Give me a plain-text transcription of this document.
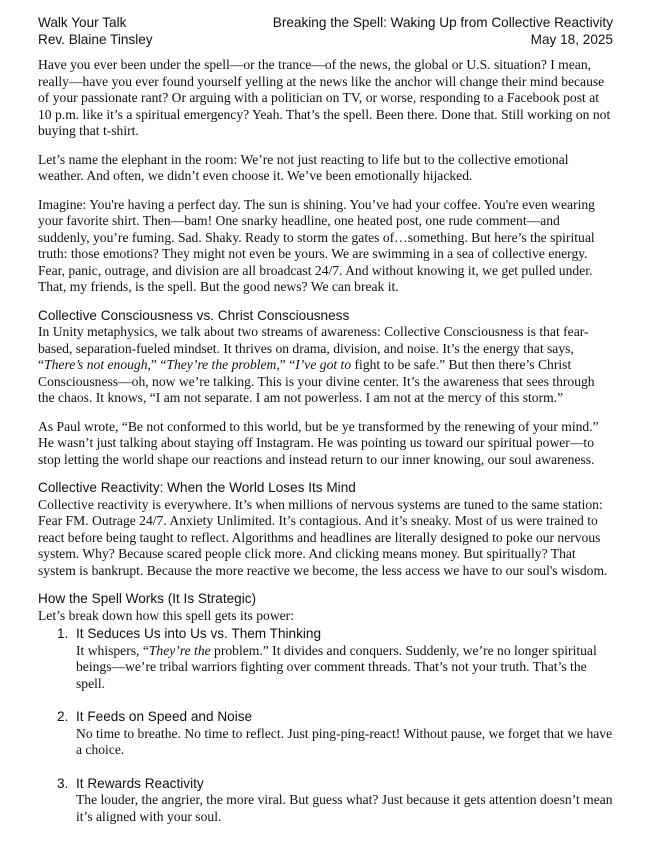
Walk Your Talk
Rev. Blaine Tinsley
Breaking the Spell: Waking Up from Collective Reactivity
May 18, 2025

Have you ever been under the spell—or the trance—of the news, the global or U.S. situation? I mean, really—have you ever found yourself yelling at the news like the anchor will change their mind because of your passionate rant? Or arguing with a politician on TV, or worse, responding to a Facebook post at 10 p.m. like it’s a spiritual emergency? Yeah. That’s the spell. Been there. Done that. Still working on not buying that t-shirt.

Let’s name the elephant in the room: We’re not just reacting to life but to the collective emotional weather. And often, we didn’t even choose it. We’ve been emotionally hijacked.

Imagine: You're having a perfect day. The sun is shining. You’ve had your coffee. You're even wearing your favorite shirt. Then—bam! One snarky headline, one heated post, one rude comment—and suddenly, you’re fuming. Sad. Shaky. Ready to storm the gates of…something. But here’s the spiritual truth: those emotions? They might not even be yours. We are swimming in a sea of collective energy. Fear, panic, outrage, and division are all broadcast 24/7. And without knowing it, we get pulled under. That, my friends, is the spell. But the good news? We can break it.

Collective Consciousness vs. Christ Consciousness

In Unity metaphysics, we talk about two streams of awareness: Collective Consciousness is that fear-based, separation-fueled mindset. It thrives on drama, division, and noise. It’s the energy that says, “There’s not enough,” “They’re the problem,” “I’ve got to fight to be safe.” But then there’s Christ Consciousness—oh, now we’re talking. This is your divine center. It’s the awareness that sees through the chaos. It knows, “I am not separate. I am not powerless. I am not at the mercy of this storm.”

As Paul wrote, “Be not conformed to this world, but be ye transformed by the renewing of your mind.” He wasn’t just talking about staying off Instagram. He was pointing us toward our spiritual power—to stop letting the world shape our reactions and instead return to our inner knowing, our soul awareness.

Collective Reactivity: When the World Loses Its Mind

Collective reactivity is everywhere. It’s when millions of nervous systems are tuned to the same station: Fear FM. Outrage 24/7. Anxiety Unlimited. It’s contagious. And it’s sneaky. Most of us were trained to react before being taught to reflect. Algorithms and headlines are literally designed to poke our nervous system. Why? Because scared people click more. And clicking means money. But spiritually? That system is bankrupt. Because the more reactive we become, the less access we have to our soul's wisdom.

How the Spell Works (It Is Strategic)

Let’s break down how this spell gets its power:

1. It Seduces Us into Us vs. Them Thinking
It whispers, “They’re the problem.” It divides and conquers. Suddenly, we’re no longer spiritual beings—we’re tribal warriors fighting over comment threads. That’s not your truth. That’s the spell.
2. It Feeds on Speed and Noise
No time to breathe. No time to reflect. Just ping-ping-react! Without pause, we forget that we have a choice.
3. It Rewards Reactivity
The louder, the angrier, the more viral. But guess what? Just because it gets attention doesn’t mean it’s aligned with your soul.
